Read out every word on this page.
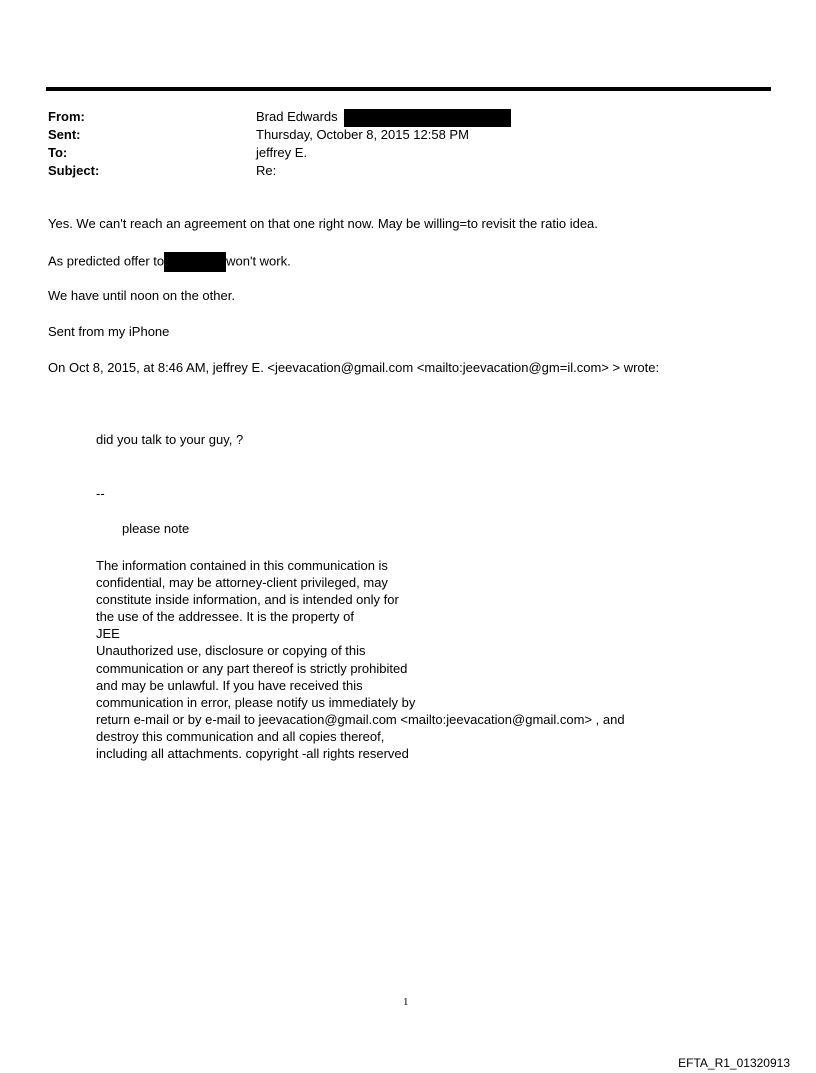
From:	Brad Edwards
Sent:	Thursday, October 8, 2015 12:58 PM
To:	jeffrey E.
Subject:	Re:
Yes. We can't reach an agreement on that one right now. May be willing=to revisit the ratio idea.
As predicted offer to	won't work.
We have until noon on the other.
Sent from my iPhone
On Oct 8, 2015, at 8:46 AM, jeffrey E. <jeevacation@gmail.com <mailto:jeevacation@gm=il.com> > wrote:
did you talk to your guy, ?
--
please note
The information contained in this communication is
confidential, may be attorney-client privileged, may
constitute inside information, and is intended only for
the use of the addressee. It is the property of
JEE
Unauthorized use, disclosure or copying of this
communication or any part thereof is strictly prohibited
and may be unlawful. If you have received this
communication in error, please notify us immediately by
return e-mail or by e-mail to jeevacation@gmail.com <mailto:jeevacation@gmail.com> , and
destroy this communication and all copies thereof,
including all attachments. copyright -all rights reserved
1
EFTA_R1_01320913
